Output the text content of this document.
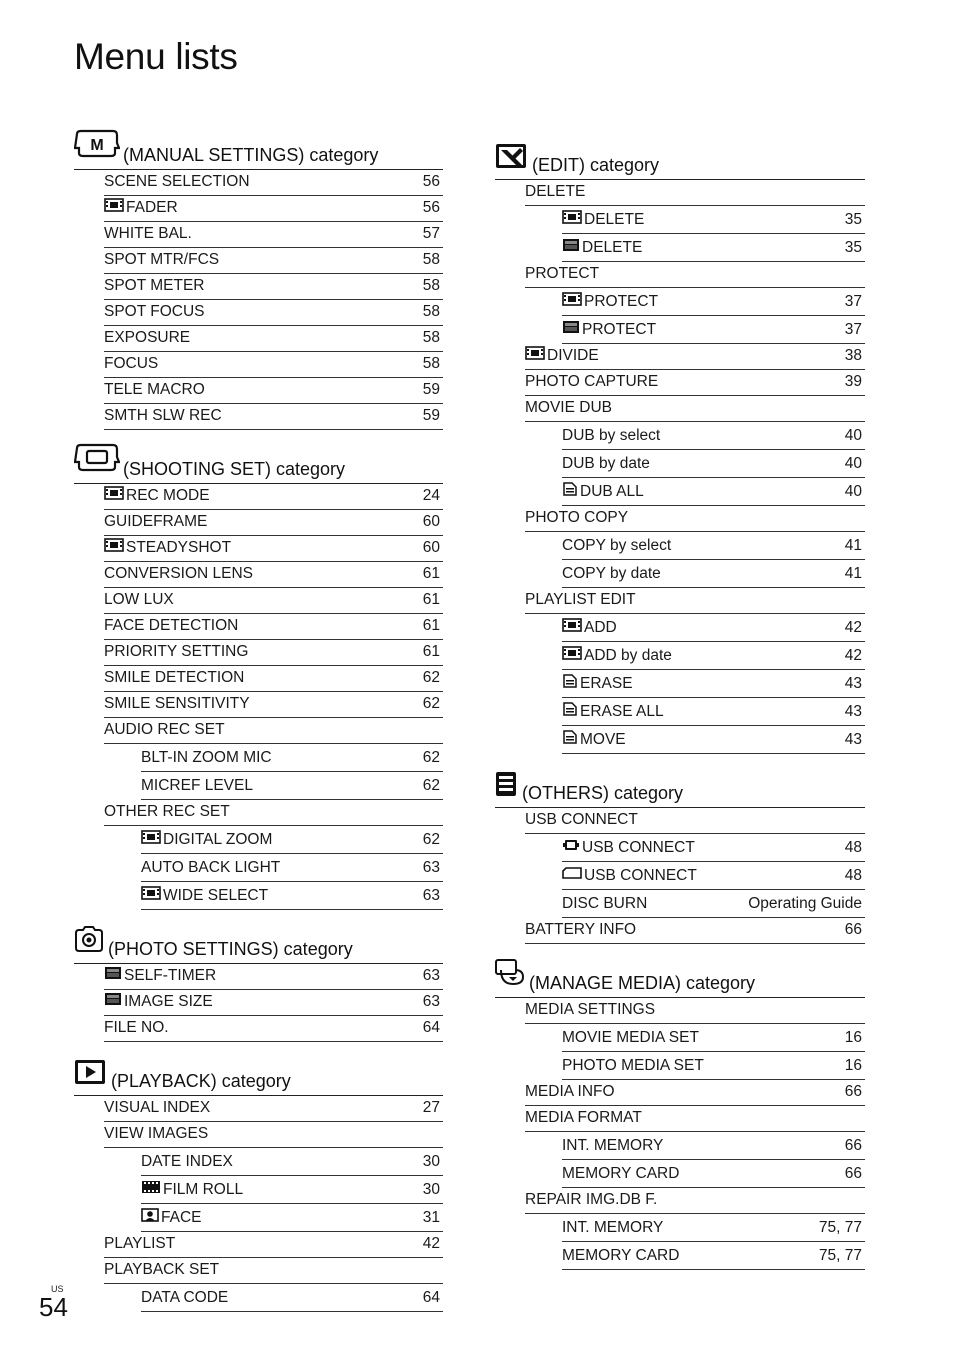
Menu lists
M (MANUAL SETTINGS) category
SCENE SELECTION	56
FADER	56
WHITE BAL.	57
SPOT MTR/FCS	58
SPOT METER	58
SPOT FOCUS	58
EXPOSURE	58
FOCUS	58
TELE MACRO	59
SMTH SLW REC	59
(SHOOTING SET) category
REC MODE	24
GUIDEFRAME	60
STEADYSHOT	60
CONVERSION LENS	61
LOW LUX	61
FACE DETECTION	61
PRIORITY SETTING	61
SMILE DETECTION	62
SMILE SENSITIVITY	62
AUDIO REC SET
BLT-IN ZOOM MIC	62
MICREF LEVEL	62
OTHER REC SET
DIGITAL ZOOM	62
AUTO BACK LIGHT	63
WIDE SELECT	63
(PHOTO SETTINGS) category
SELF-TIMER	63
IMAGE SIZE	63
FILE NO.	64
(PLAYBACK) category
VISUAL INDEX	27
VIEW IMAGES
DATE INDEX	30
FILM ROLL	30
FACE	31
PLAYLIST	42
PLAYBACK SET
DATA CODE	64
(EDIT) category
DELETE
DELETE	35
DELETE	35
PROTECT
PROTECT	37
PROTECT	37
DIVIDE	38
PHOTO CAPTURE	39
MOVIE DUB
DUB by select	40
DUB by date	40
DUB ALL	40
PHOTO COPY
COPY by select	41
COPY by date	41
PLAYLIST EDIT
ADD	42
ADD by date	42
ERASE	43
ERASE ALL	43
MOVE	43
(OTHERS) category
USB CONNECT
USB CONNECT	48
USB CONNECT	48
DISC BURN	Operating Guide
BATTERY INFO	66
(MANAGE MEDIA) category
MEDIA SETTINGS
MOVIE MEDIA SET	16
PHOTO MEDIA SET	16
MEDIA INFO	66
MEDIA FORMAT
INT. MEMORY	66
MEMORY CARD	66
REPAIR IMG.DB F.
INT. MEMORY	75, 77
MEMORY CARD	75, 77
US
54
